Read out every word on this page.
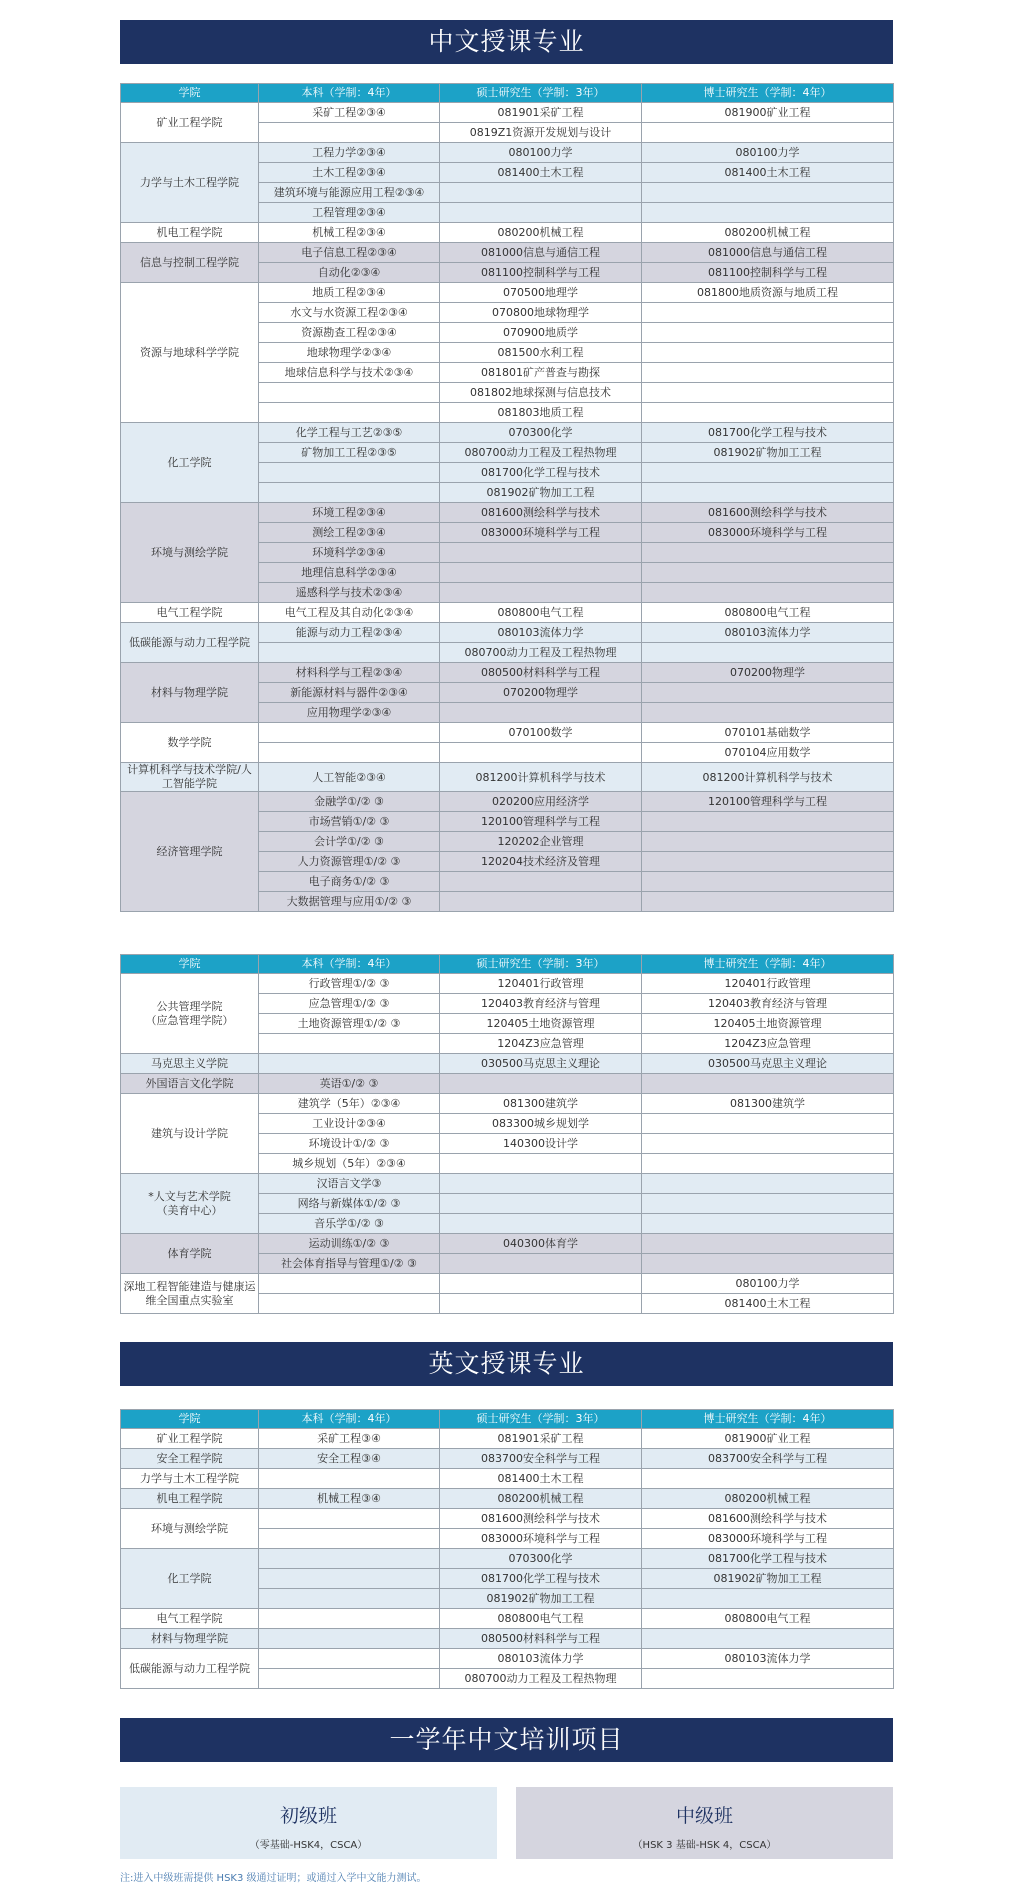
中文授课专业
学院	本科（学制：4年）	硕士研究生（学制：3年）	博士研究生（学制：4年）
矿业工程学院	采矿工程②③④	081901采矿工程	081900矿业工程
		0819Z1资源开发规划与设计	
力学与土木工程学院	工程力学②③④	080100力学	080100力学
	土木工程②③④	081400土木工程	081400土木工程
	建筑环境与能源应用工程②③④		
	工程管理②③④		
机电工程学院	机械工程②③④	080200机械工程	080200机械工程
信息与控制工程学院	电子信息工程②③④	081000信息与通信工程	081000信息与通信工程
	自动化②③④	081100控制科学与工程	081100控制科学与工程
资源与地球科学学院	地质工程②③④	070500地理学	081800地质资源与地质工程
	水文与水资源工程②③④	070800地球物理学	
	资源勘查工程②③④	070900地质学	
	地球物理学②③④	081500水利工程	
	地球信息科学与技术②③④	081801矿产普查与勘探	
		081802地球探测与信息技术	
		081803地质工程	
化工学院	化学工程与工艺②③⑤	070300化学	081700化学工程与技术
	矿物加工工程②③⑤	080700动力工程及工程热物理	081902矿物加工工程
		081700化学工程与技术	
		081902矿物加工工程	
环境与测绘学院	环境工程②③④	081600测绘科学与技术	081600测绘科学与技术
	测绘工程②③④	083000环境科学与工程	083000环境科学与工程
	环境科学②③④		
	地理信息科学②③④		
	遥感科学与技术②③④		
电气工程学院	电气工程及其自动化②③④	080800电气工程	080800电气工程
低碳能源与动力工程学院	能源与动力工程②③④	080103流体力学	080103流体力学
		080700动力工程及工程热物理	
材料与物理学院	材料科学与工程②③④	080500材料科学与工程	070200物理学
	新能源材料与器件②③④	070200物理学	
	应用物理学②③④		
数学学院		070100数学	070101基础数学
			070104应用数学
计算机科学与技术学院/人工智能学院	人工智能②③④	081200计算机科学与技术	081200计算机科学与技术
经济管理学院	金融学①/② ③	020200应用经济学	120100管理科学与工程
	市场营销①/② ③	120100管理科学与工程	
	会计学①/② ③	120202企业管理	
	人力资源管理①/② ③	120204技术经济及管理	
	电子商务①/② ③		
	大数据管理与应用①/② ③		
学院	本科（学制：4年）	硕士研究生（学制：3年）	博士研究生（学制：4年）
公共管理学院
（应急管理学院）	行政管理①/② ③	120401行政管理	120401行政管理
	应急管理①/② ③	120403教育经济与管理	120403教育经济与管理
	土地资源管理①/② ③	120405土地资源管理	120405土地资源管理
		1204Z3应急管理	1204Z3应急管理
马克思主义学院		030500马克思主义理论	030500马克思主义理论
外国语言文化学院	英语①/② ③		
建筑与设计学院	建筑学（5年）②③④	081300建筑学	081300建筑学
	工业设计②③④	083300城乡规划学	
	环境设计①/② ③	140300设计学	
	城乡规划（5年）②③④		
*人文与艺术学院
（美育中心）	汉语言文学③		
	网络与新媒体①/② ③		
	音乐学①/② ③		
体育学院	运动训练①/② ③	040300体育学	
	社会体育指导与管理①/② ③		
深地工程智能建造与健康运维全国重点实验室			080100力学
			081400土木工程
英文授课专业
学院	本科（学制：4年）	硕士研究生（学制：3年）	博士研究生（学制：4年）
矿业工程学院	采矿工程③④	081901采矿工程	081900矿业工程
安全工程学院	安全工程③④	083700安全科学与工程	083700安全科学与工程
力学与土木工程学院		081400土木工程	
机电工程学院	机械工程③④	080200机械工程	080200机械工程
环境与测绘学院		081600测绘科学与技术	081600测绘科学与技术
		083000环境科学与工程	083000环境科学与工程
化工学院		070300化学	081700化学工程与技术
		081700化学工程与技术	081902矿物加工工程
		081902矿物加工工程	
电气工程学院		080800电气工程	080800电气工程
材料与物理学院		080500材料科学与工程	
低碳能源与动力工程学院		080103流体力学	080103流体力学
		080700动力工程及工程热物理	
一学年中文培训项目
初级班
（零基础-HSK4，CSCA）
中级班
（HSK 3 基础-HSK 4，CSCA）
注:进入中级班需提供 HSK3 级通过证明；或通过入学中文能力测试。
